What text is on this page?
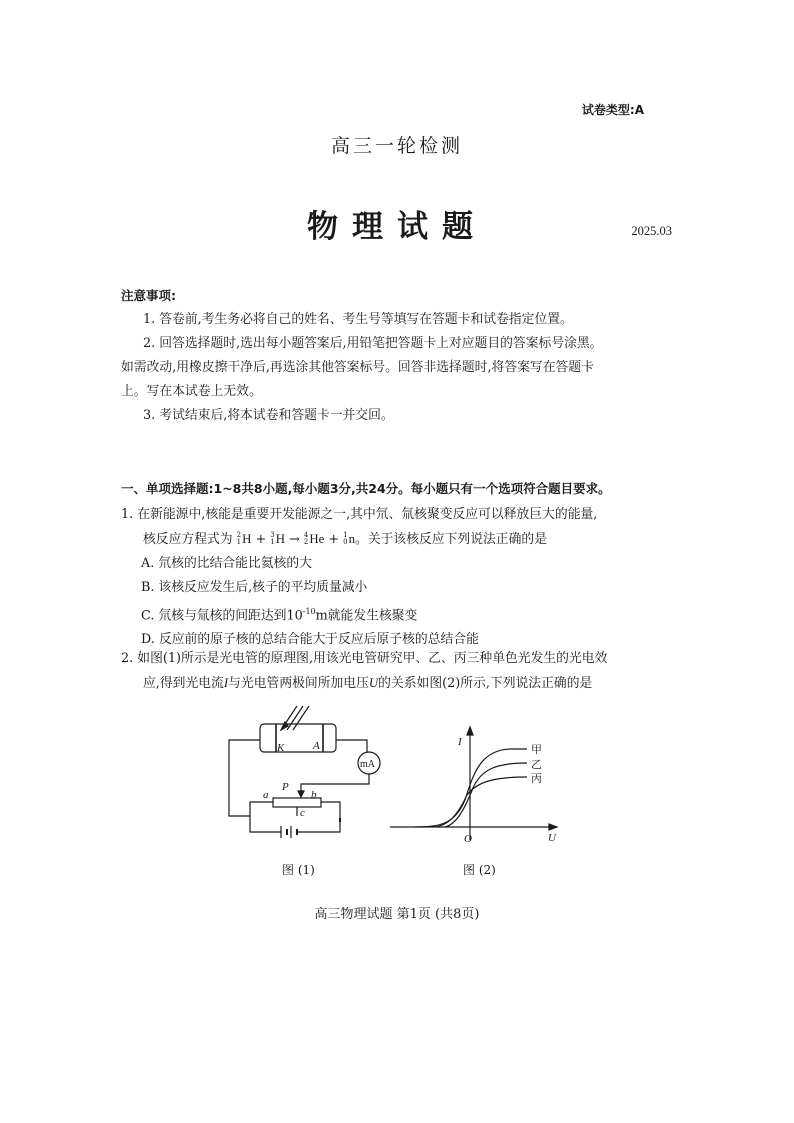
试卷类型:A
高三一轮检测
物理试题	2025.03
注意事项:
1. 答卷前,考生务必将自己的姓名、考生号等填写在答题卡和试卷指定位置。
2. 回答选择题时,选出每小题答案后,用铅笔把答题卡上对应题目的答案标号涂黑。
如需改动,用橡皮擦干净后,再选涂其他答案标号。回答非选择题时,将答案写在答题卡
上。写在本试卷上无效。
3. 考试结束后,将本试卷和答题卡一并交回。
一、单项选择题:1~8共8小题,每小题3分,共24分。每小题只有一个选项符合题目要求。
1. 在新能源中,核能是重要开发能源之一,其中氘、氚核聚变反应可以释放巨大的能量,
核反应方程式为 2
1 H + 3
1 H → 4
2 He + 1
0 n。关于该核反应下列说法正确的是
A. 氘核的比结合能比氦核的大
B. 该核反应发生后,核子的平均质量减小
C. 氘核与氚核的间距达到$10^{-10}m$就能发生核聚变
D. 反应前的原子核的总结合能大于反应后原子核的总结合能
2. 如图(1)所示是光电管的原理图,用该光电管研究甲、乙、丙三种单色光发生的光电效
应,得到光电流I与光电管两极间所加电压U的关系如图(2)所示,下列说法正确的是
K	A
mA
P
a	b
c
I
U
O
甲
乙
丙
图 (1)	图 (2)
高三物理试题 第1页 (共8页)
